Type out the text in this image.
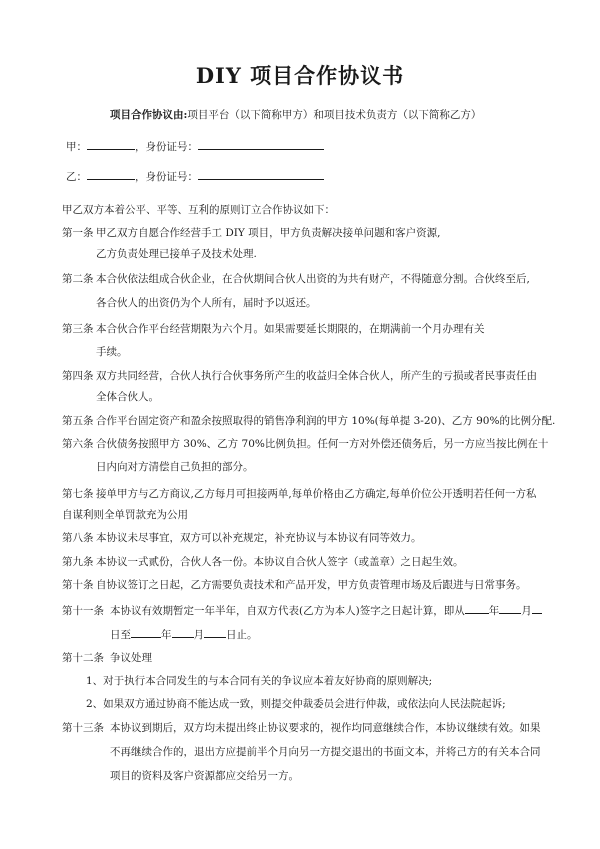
DIY 项目合作协议书
项目合作协议由:项目平台（以下简称甲方）和项目技术负责方（以下简称乙方）
甲：	，身份证号：
乙：	，身份证号：
甲乙双方本着公平、平等、互利的原则订立合作协议如下：
第一条 甲乙双方自愿合作经营手工 DIY 项目，甲方负责解决接单问题和客户资源,
乙方负责处理已接单子及技术处理.
第二条 本合伙依法组成合伙企业，在合伙期间合伙人出资的为共有财产，不得随意分割。合伙终至后,
各合伙人的出资仍为个人所有，届时予以返还。
第三条 本合伙合作平台经营期限为六个月。如果需要延长期限的，在期满前一个月办理有关
手续。
第四条 双方共同经营，合伙人执行合伙事务所产生的收益归全体合伙人，所产生的亏损或者民事责任由
全体合伙人。
第五条 合作平台固定资产和盈余按照取得的销售净利润的甲方 10%(每单提 3-20)、乙方 90%的比例分配.
第六条 合伙债务按照甲方 30%、乙方 70%比例负担。任何一方对外偿还债务后，另一方应当按比例在十
日内向对方清偿自己负担的部分。
第七条 接单甲方与乙方商议,乙方每月可担接两单,每单价格由乙方确定,每单价位公开透明若任何一方私
自谋利则全单罚款充为公用
第八条 本协议未尽事宜，双方可以补充规定，补充协议与本协议有同等效力。
第九条 本协议一式贰份，合伙人各一份。本协议自合伙人签字（或盖章）之日起生效。
第十条 自协议签订之日起，乙方需要负责技术和产品开发，甲方负责管理市场及后跟进与日常事务。
第十一条 本协议有效期暂定一年半年，自双方代表(乙方为本人)签字之日起计算，即从 年 月
日至	年 月 日止。
第十二条 争议处理
1、对于执行本合同发生的与本合同有关的争议应本着友好协商的原则解决;
2、如果双方通过协商不能达成一致，则提交仲裁委员会进行仲裁，或依法向人民法院起诉;
第十三条 本协议到期后，双方均未提出终止协议要求的，视作均同意继续合作，本协议继续有效。如果
不再继续合作的，退出方应提前半个月向另一方提交退出的书面文本，并将己方的有关本合同
项目的资料及客户资源都应交给另一方。
